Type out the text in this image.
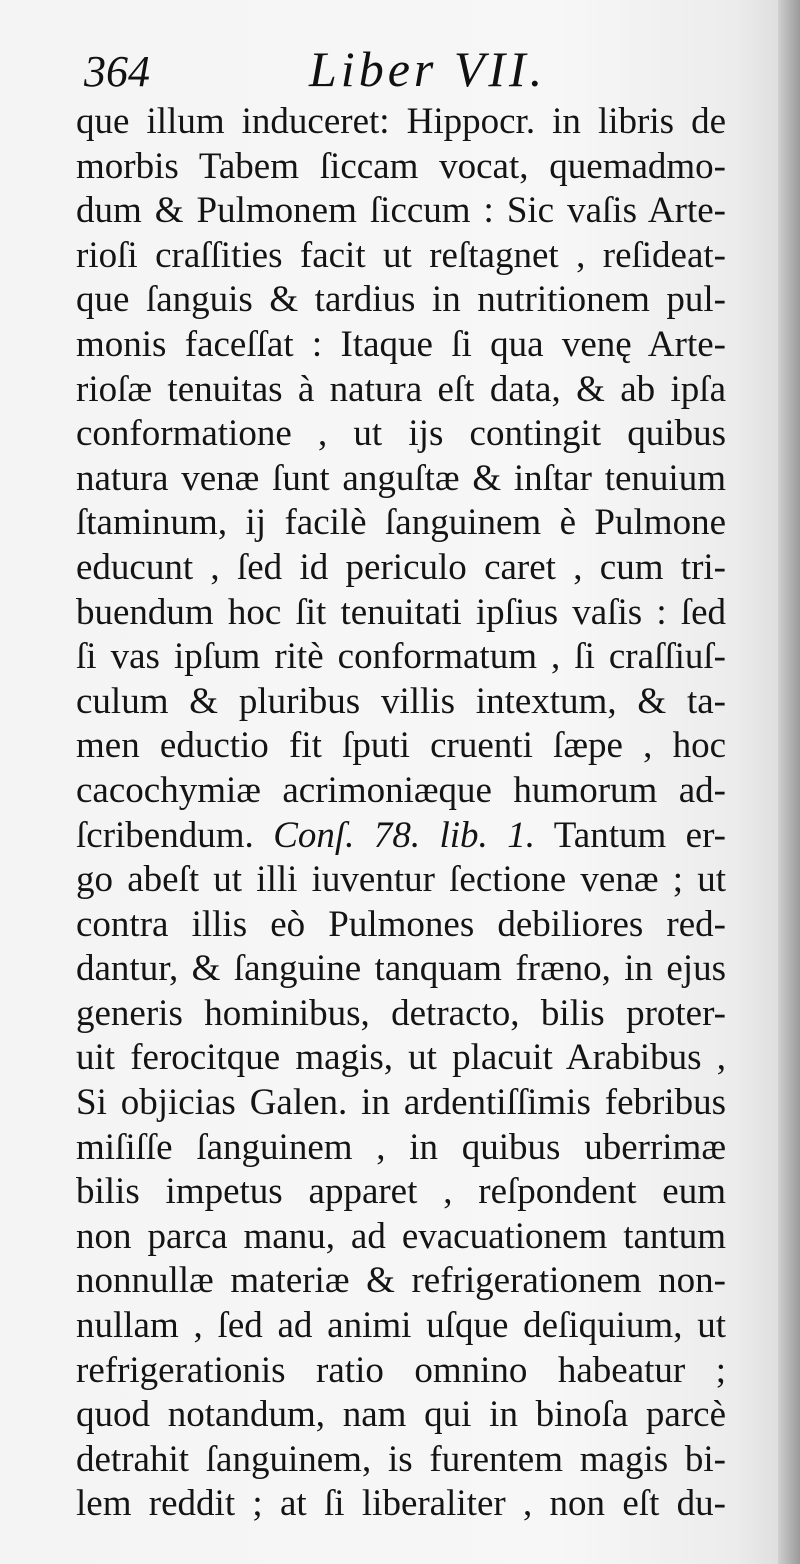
364	Liber VII.
que illum induceret: Hippocr. in libris de
morbis Tabem ſiccam vocat, quemadmo-
dum & Pulmonem ſiccum : Sic vaſis Arte-
rioſi craſſities facit ut reſtagnet , reſideat-
que ſanguis & tardius in nutritionem pul-
monis faceſſat : Itaque ſi qua venę Arte-
rioſæ tenuitas à natura eſt data, & ab ipſa
conformatione , ut ijs contingit quibus
natura venæ ſunt anguſtæ & inſtar tenuium
ſtaminum, ij facilè ſanguinem è Pulmone
educunt , ſed id periculo caret , cum tri-
buendum hoc ſit tenuitati ipſius vaſis : ſed
ſi vas ipſum ritè conformatum , ſi craſſiuſ-
culum & pluribus villis intextum, & ta-
men eductio fit ſputi cruenti ſæpe , hoc
cacochymiæ acrimoniæque humorum ad-
ſcribendum. Conſ. 78. lib. 1. Tantum er-
go abeſt ut illi iuventur ſectione venæ ; ut
contra illis eò Pulmones debiliores red-
dantur, & ſanguine tanquam fræno, in ejus
generis hominibus, detracto, bilis proter-
uit ferocitque magis, ut placuit Arabibus ,
Si objicias Galen. in ardentiſſimis febribus
miſiſſe ſanguinem , in quibus uberrimæ
bilis impetus apparet , reſpondent eum
non parca manu, ad evacuationem tantum
nonnullæ materiæ & refrigerationem non-
nullam , ſed ad animi uſque deſiquium, ut
refrigerationis ratio omnino habeatur ;
quod notandum, nam qui in binoſa parcè
detrahit ſanguinem, is furentem magis bi-
lem reddit ; at ſi liberaliter , non eſt du-
